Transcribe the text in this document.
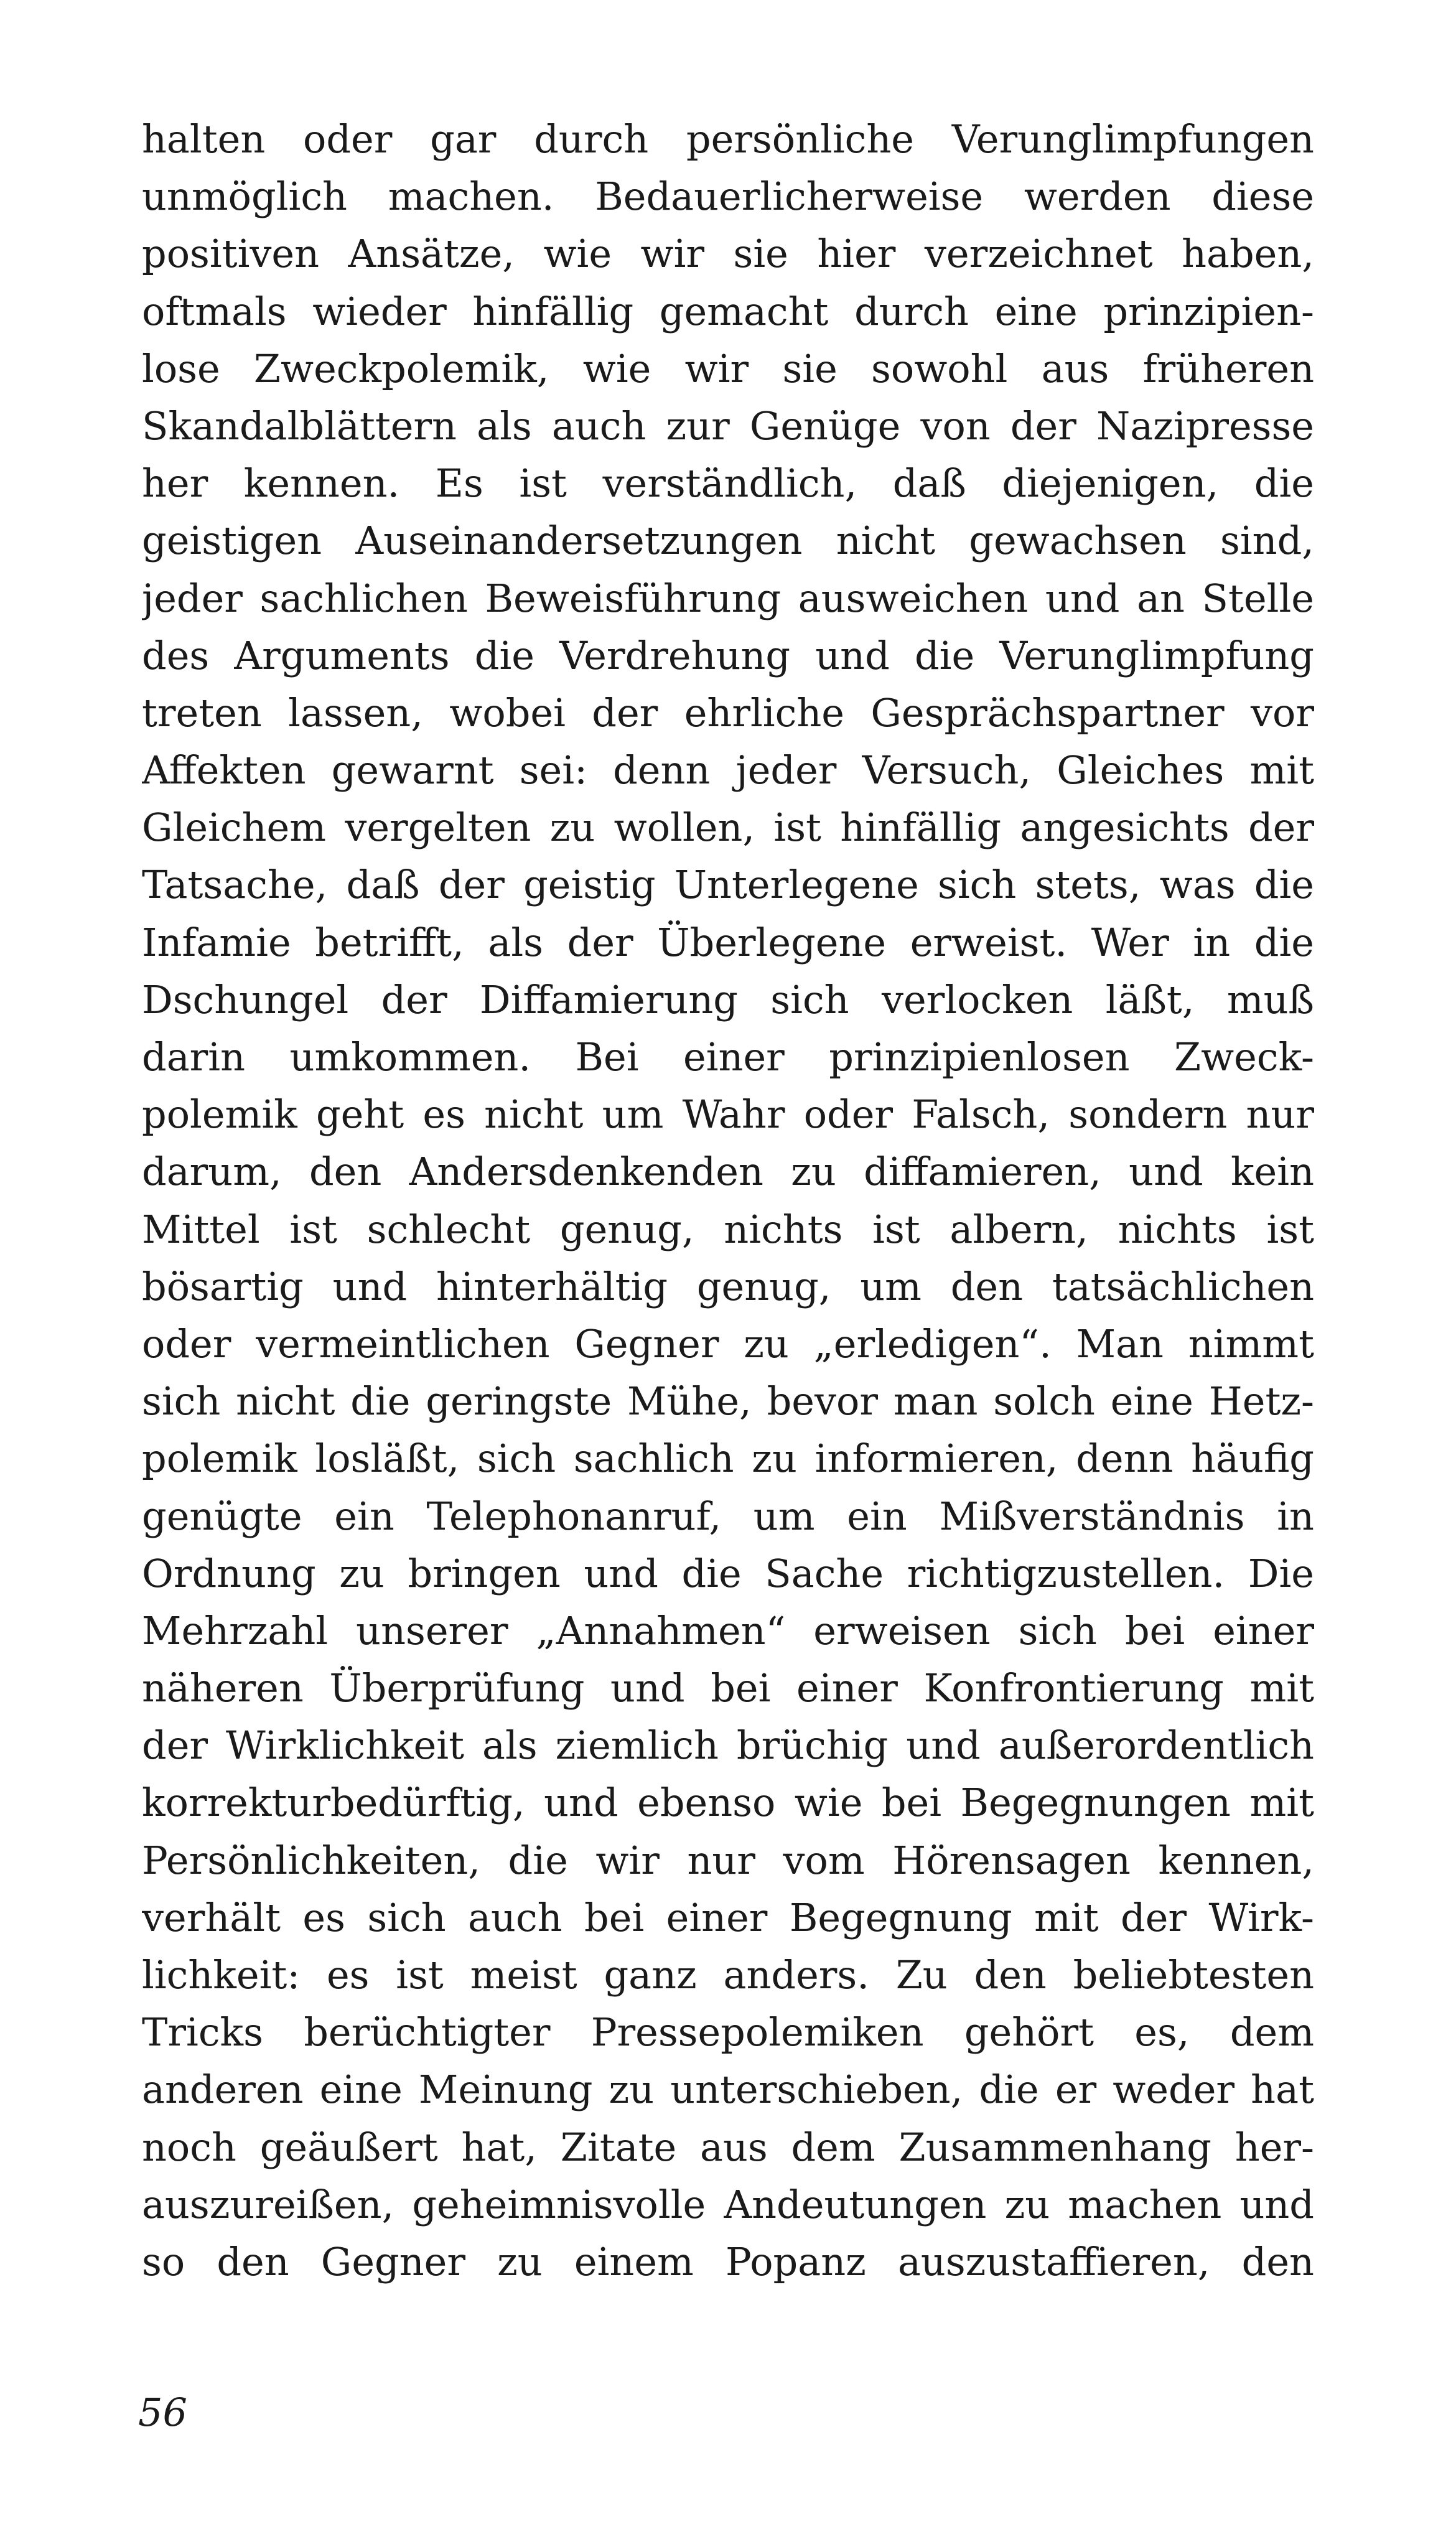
halten oder gar durch persönliche Verunglimpfungen
unmöglich machen. Bedauerlicherweise werden diese
positiven Ansätze, wie wir sie hier verzeichnet haben,
oftmals wieder hinfällig gemacht durch eine prinzipien-
lose Zweckpolemik, wie wir sie sowohl aus früheren
Skandalblättern als auch zur Genüge von der Nazipresse
her kennen. Es ist verständlich, daß diejenigen, die
geistigen Auseinandersetzungen nicht gewachsen sind,
jeder sachlichen Beweisführung ausweichen und an Stelle
des Arguments die Verdrehung und die Verunglimpfung
treten lassen, wobei der ehrliche Gesprächspartner vor
Affekten gewarnt sei: denn jeder Versuch, Gleiches mit
Gleichem vergelten zu wollen, ist hinfällig angesichts der
Tatsache, daß der geistig Unterlegene sich stets, was die
Infamie betrifft, als der Überlegene erweist. Wer in die
Dschungel der Diffamierung sich verlocken läßt, muß
darin umkommen. Bei einer prinzipienlosen Zweck-
polemik geht es nicht um Wahr oder Falsch, sondern nur
darum, den Andersdenkenden zu diffamieren, und kein
Mittel ist schlecht genug, nichts ist albern, nichts ist
bösartig und hinterhältig genug, um den tatsächlichen
oder vermeintlichen Gegner zu „erledigen“. Man nimmt
sich nicht die geringste Mühe, bevor man solch eine Hetz-
polemik losläßt, sich sachlich zu informieren, denn häufig
genügte ein Telephonanruf, um ein Mißverständnis in
Ordnung zu bringen und die Sache richtigzustellen. Die
Mehrzahl unserer „Annahmen“ erweisen sich bei einer
näheren Überprüfung und bei einer Konfrontierung mit
der Wirklichkeit als ziemlich brüchig und außerordentlich
korrekturbedürftig, und ebenso wie bei Begegnungen mit
Persönlichkeiten, die wir nur vom Hörensagen kennen,
verhält es sich auch bei einer Begegnung mit der Wirk-
lichkeit: es ist meist ganz anders. Zu den beliebtesten
Tricks berüchtigter Pressepolemiken gehört es, dem
anderen eine Meinung zu unterschieben, die er weder hat
noch geäußert hat, Zitate aus dem Zusammenhang her-
auszureißen, geheimnisvolle Andeutungen zu machen und
so den Gegner zu einem Popanz auszustaffieren, den
56
